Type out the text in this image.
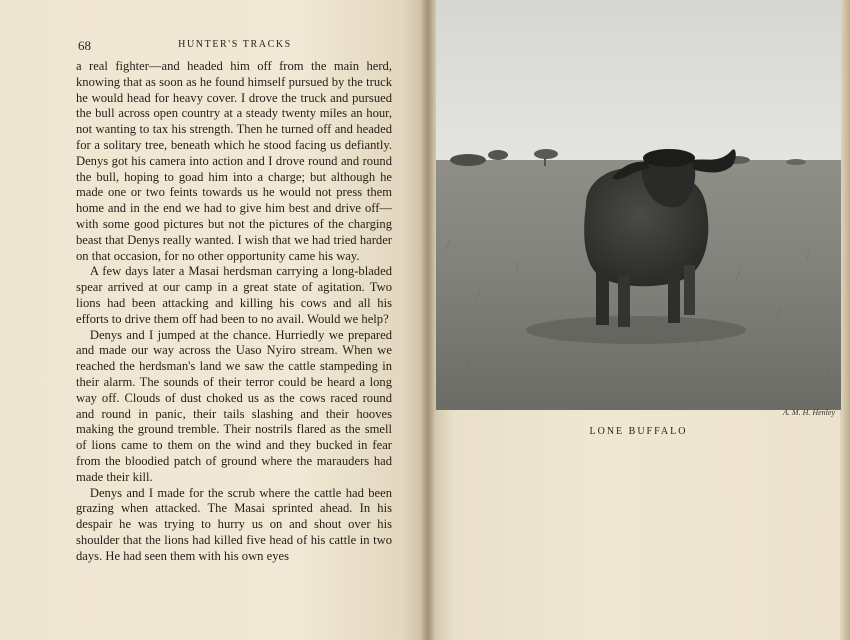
68	HUNTER'S TRACKS

a real fighter—and headed him off from the main herd, knowing that as soon as he found himself pursued by the truck he would head for heavy cover. I drove the truck and pursued the bull across open country at a steady twenty miles an hour, not wanting to tax his strength. Then he turned off and headed for a solitary tree, beneath which he stood facing us defiantly. Denys got his camera into action and I drove round and round the bull, hoping to goad him into a charge; but although he made one or two feints towards us he would not press them home and in the end we had to give him best and drive off—with some good pictures but not the pictures of the charging beast that Denys really wanted. I wish that we had tried harder on that occasion, for no other opportunity came his way.

A few days later a Masai herdsman carrying a long-bladed spear arrived at our camp in a great state of agitation. Two lions had been attacking and killing his cows and all his efforts to drive them off had been to no avail. Would we help?

Denys and I jumped at the chance. Hurriedly we prepared and made our way across the Uaso Nyiro stream. When we reached the herdsman's land we saw the cattle stampeding in their alarm. The sounds of their terror could be heard a long way off. Clouds of dust choked us as the cows raced round and round in panic, their tails slashing and their hooves making the ground tremble. Their nostrils flared as the smell of lions came to them on the wind and they bucked in fear from the bloodied patch of ground where the marauders had made their kill.

Denys and I made for the scrub where the cattle had been grazing when attacked. The Masai sprinted ahead. In his despair he was trying to hurry us on and shout over his shoulder that the lions had killed five head of his cattle in two days. He had seen them with his own eyes

A. M. H. Henley
LONE BUFFALO
